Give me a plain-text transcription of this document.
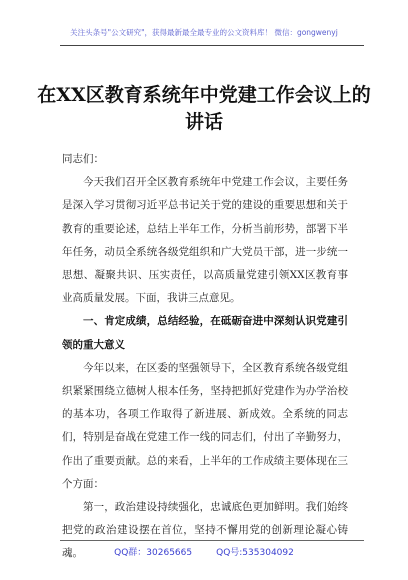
关注头条号"公文研究"，获得最新最全最专业的公文资料库！ 微信：gongwenyj
在XX区教育系统年中党建工作会议上的讲话

同志们：

今天我们召开全区教育系统年中党建工作会议，主要任务是深入学习贯彻习近平总书记关于党的建设的重要思想和关于教育的重要论述，总结上半年工作，分析当前形势，部署下半年任务，动员全系统各级党组织和广大党员干部，进一步统一思想、凝聚共识、压实责任，以高质量党建引领XX区教育事业高质量发展。下面，我讲三点意见。

一、肯定成绩，总结经验，在砥砺奋进中深刻认识党建引领的重大意义

今年以来，在区委的坚强领导下，全区教育系统各级党组织紧紧围绕立德树人根本任务，坚持把抓好党建作为办学治校的基本功，各项工作取得了新进展、新成效。全系统的同志们，特别是奋战在党建工作一线的同志们，付出了辛勤努力，作出了重要贡献。总的来看，上半年的工作成绩主要体现在三个方面：

第一，政治建设持续强化，忠诚底色更加鲜明。我们始终把党的政治建设摆在首位，坚持不懈用党的创新理论凝心铸魂。	QQ群：30265665	QQ号:535304092
